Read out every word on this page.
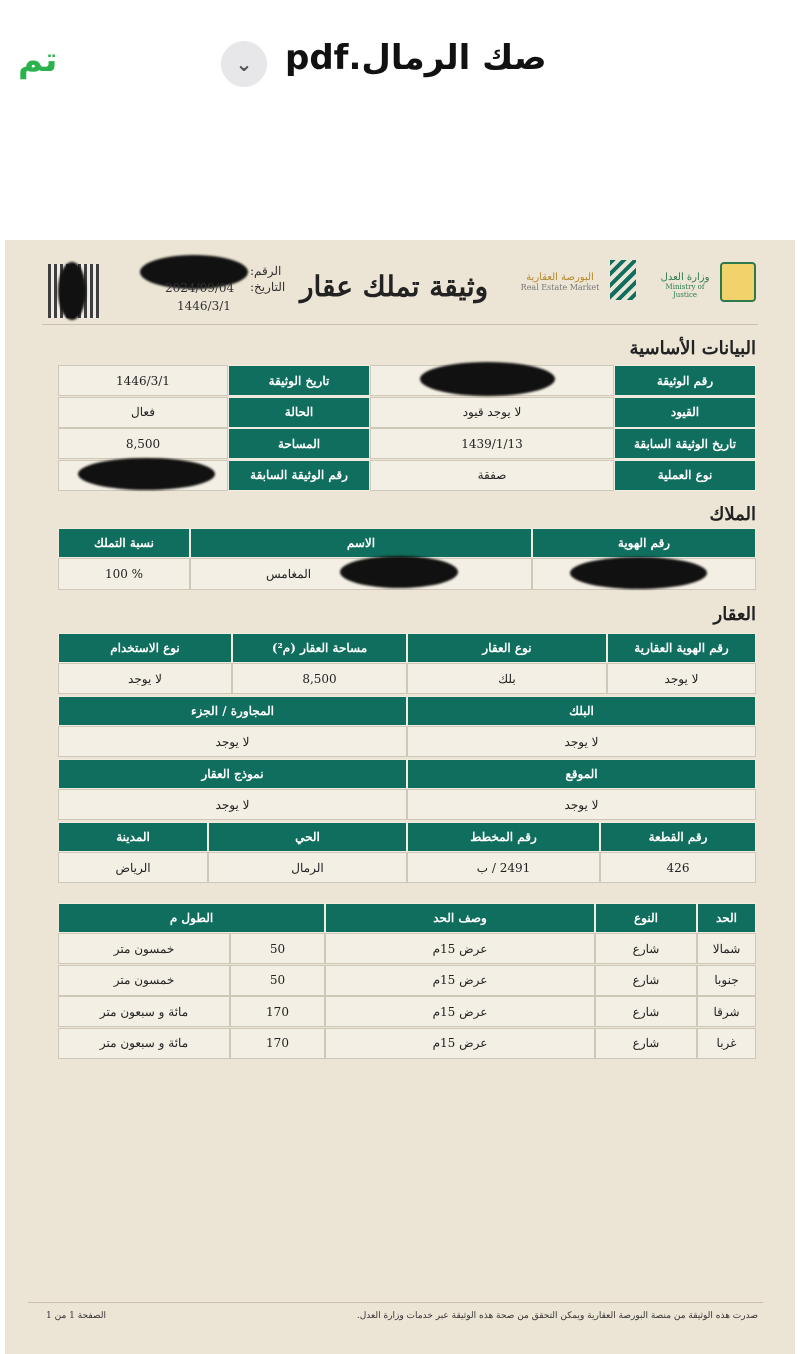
تم	⌄ صك الرمال.pdf
الرقم:
التاريخ:
2024/09/04
1446/3/1
وثيقة تملك عقار	البورصة العقارية
Real Estate Market
وزارة العدل
Ministry of Justice
البيانات الأساسية
رقم الوثيقة
تاريخ الوثيقة
1446/3/1
القيود
لا يوجد قيود
الحالة
فعال
تاريخ الوثيقة السابقة
1439/1/13
المساحة
8,500
نوع العملية
صفقة
رقم الوثيقة السابقة
الملاك
رقم الهوية
الاسم
المغامس
نسبة التملك
% 100
العقار
رقم الهوية العقارية
لا يوجد
نوع العقار
بلك
مساحة العقار (م²)
8,500
نوع الاستخدام
لا يوجد
البلك
لا يوجد
الموقع
لا يوجد
المجاورة / الجزء
لا يوجد
نموذج العقار
لا يوجد
رقم القطعة
426
رقم المخطط
2491 / ب
الحي
الرمال
المدينة
الرياض
الحد
النوع
وصف الحد
الطول م
شمالا
شارع
عرض 15م
50
خمسون متر
جنوبا
شارع
عرض 15م
50
خمسون متر
شرقا
شارع
عرض 15م
170
مائة و سبعون متر
غربا
شارع
عرض 15م
170
مائة و سبعون متر
صدرت هذه الوثيقة من منصة البورصة العقارية ويمكن التحقق من صحة هذه الوثيقة عبر خدمات وزارة العدل.
الصفحة 1 من 1
